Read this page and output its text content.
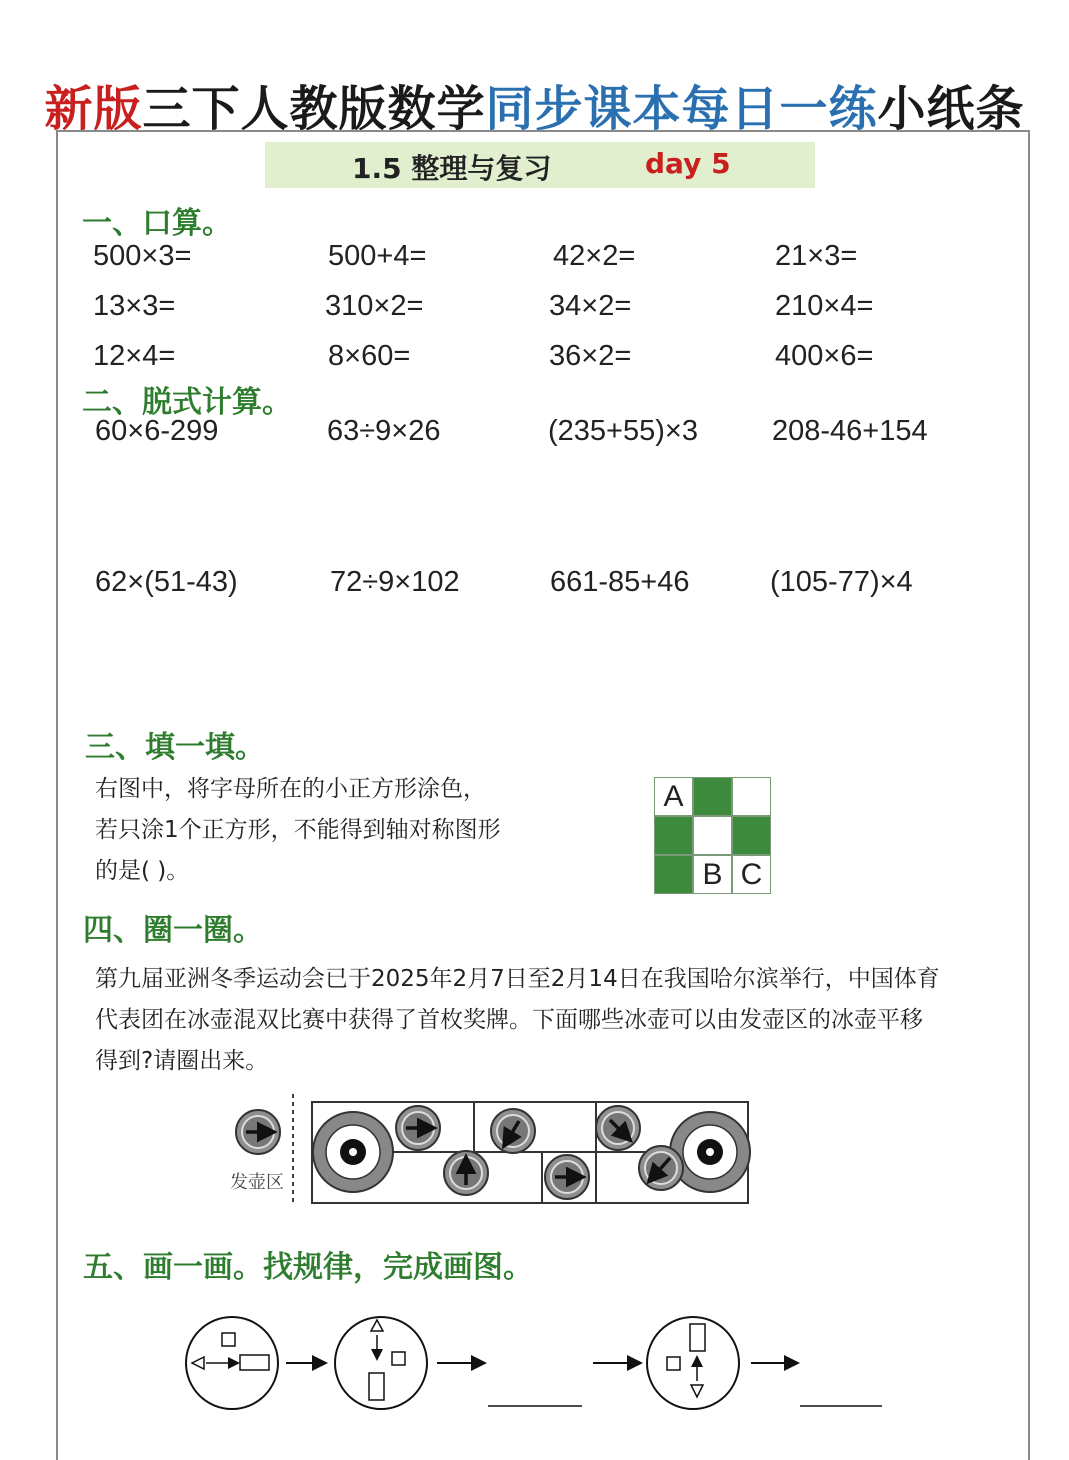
新版三下人教版数学同步课本每日一练小纸条
1.5 整理与复习	day 5
一、口算。
500×3=	500+4=	42×2=	21×3=
13×3=	310×2=	34×2=	210×4=
12×4=	8×60=	36×2=	400×6=
二、脱式计算。
60×6-299	63÷9×26	(235+55)×3	208-46+154
62×(51-43)	72÷9×102	661-85+46	(105-77)×4
三、填一填。
右图中，将字母所在的小正方形涂色，
若只涂1个正方形，不能得到轴对称图形
的是( )。
A
B C
四、圈一圈。
第九届亚洲冬季运动会已于2025年2月7日至2月14日在我国哈尔滨举行，中国体育
代表团在冰壶混双比赛中获得了首枚奖牌。下面哪些冰壶可以由发壶区的冰壶平移
得到?请圈出来。
发壶区
五、画一画。找规律，完成画图。
